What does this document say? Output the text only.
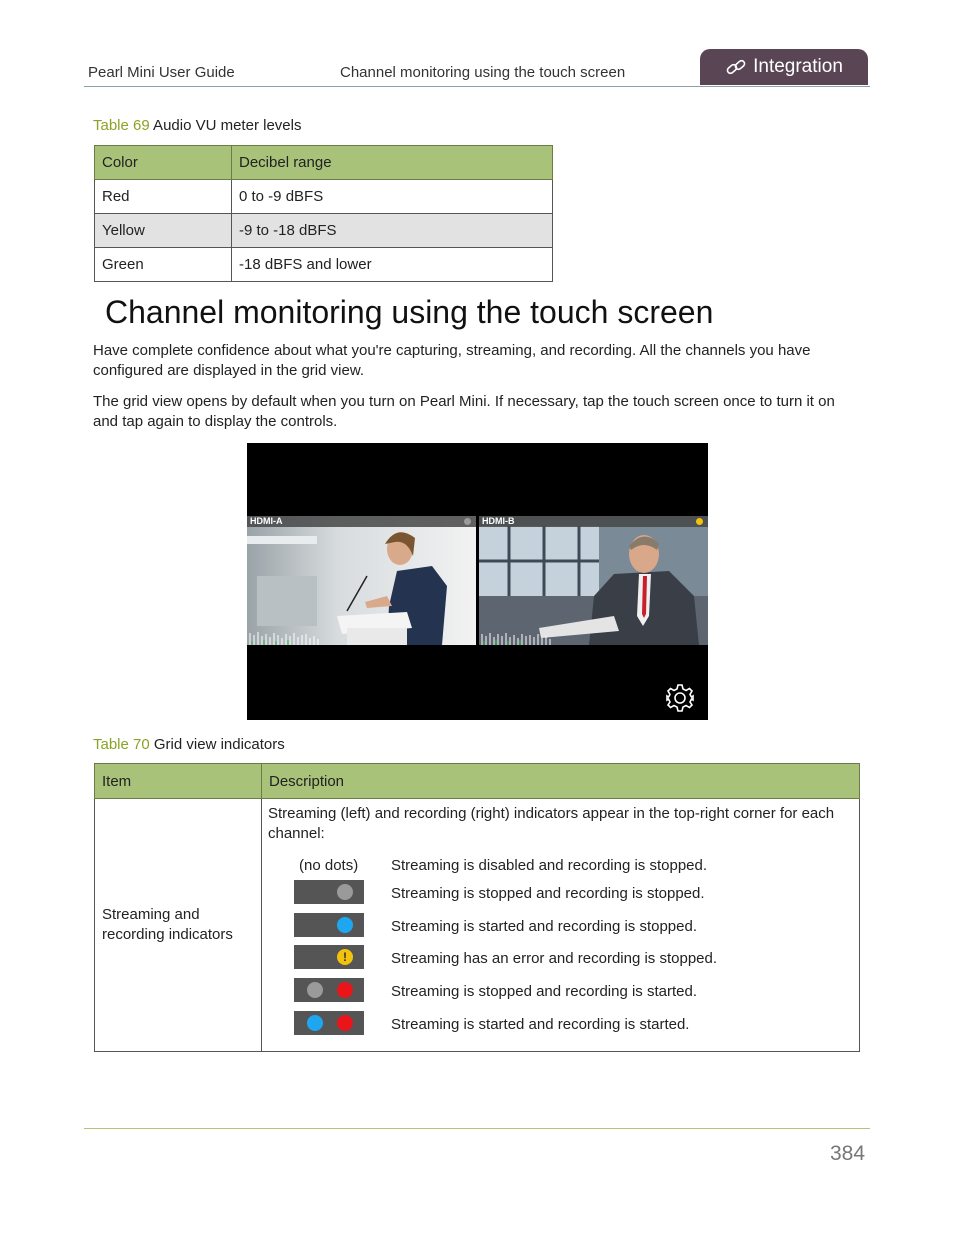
Pearl Mini User Guide	Channel monitoring using the touch screen	Integration
Table 69 Audio VU meter levels
Color	Decibel range
Red	0 to -9 dBFS
Yellow	-9 to -18 dBFS
Green	-18 dBFS and lower
Channel monitoring using the touch screen

Have complete confidence about what you're capturing, streaming, and recording. All the channels you have configured are displayed in the grid view.

The grid view opens by default when you turn on Pearl Mini. If necessary, tap the touch screen once to turn it on and tap again to display the controls.

HDMI-A	HDMI-B
Table 70 Grid view indicators
Item	Description

Streaming and recording indicators	

Streaming (left) and recording (right) indicators appear in the top-right corner for each channel:
(no dots) Streaming is disabled and recording is stopped.
Streaming is stopped and recording is stopped.
Streaming is started and recording is stopped.
!	Streaming has an error and recording is stopped.
Streaming is stopped and recording is started.
Streaming is started and recording is started.
384
